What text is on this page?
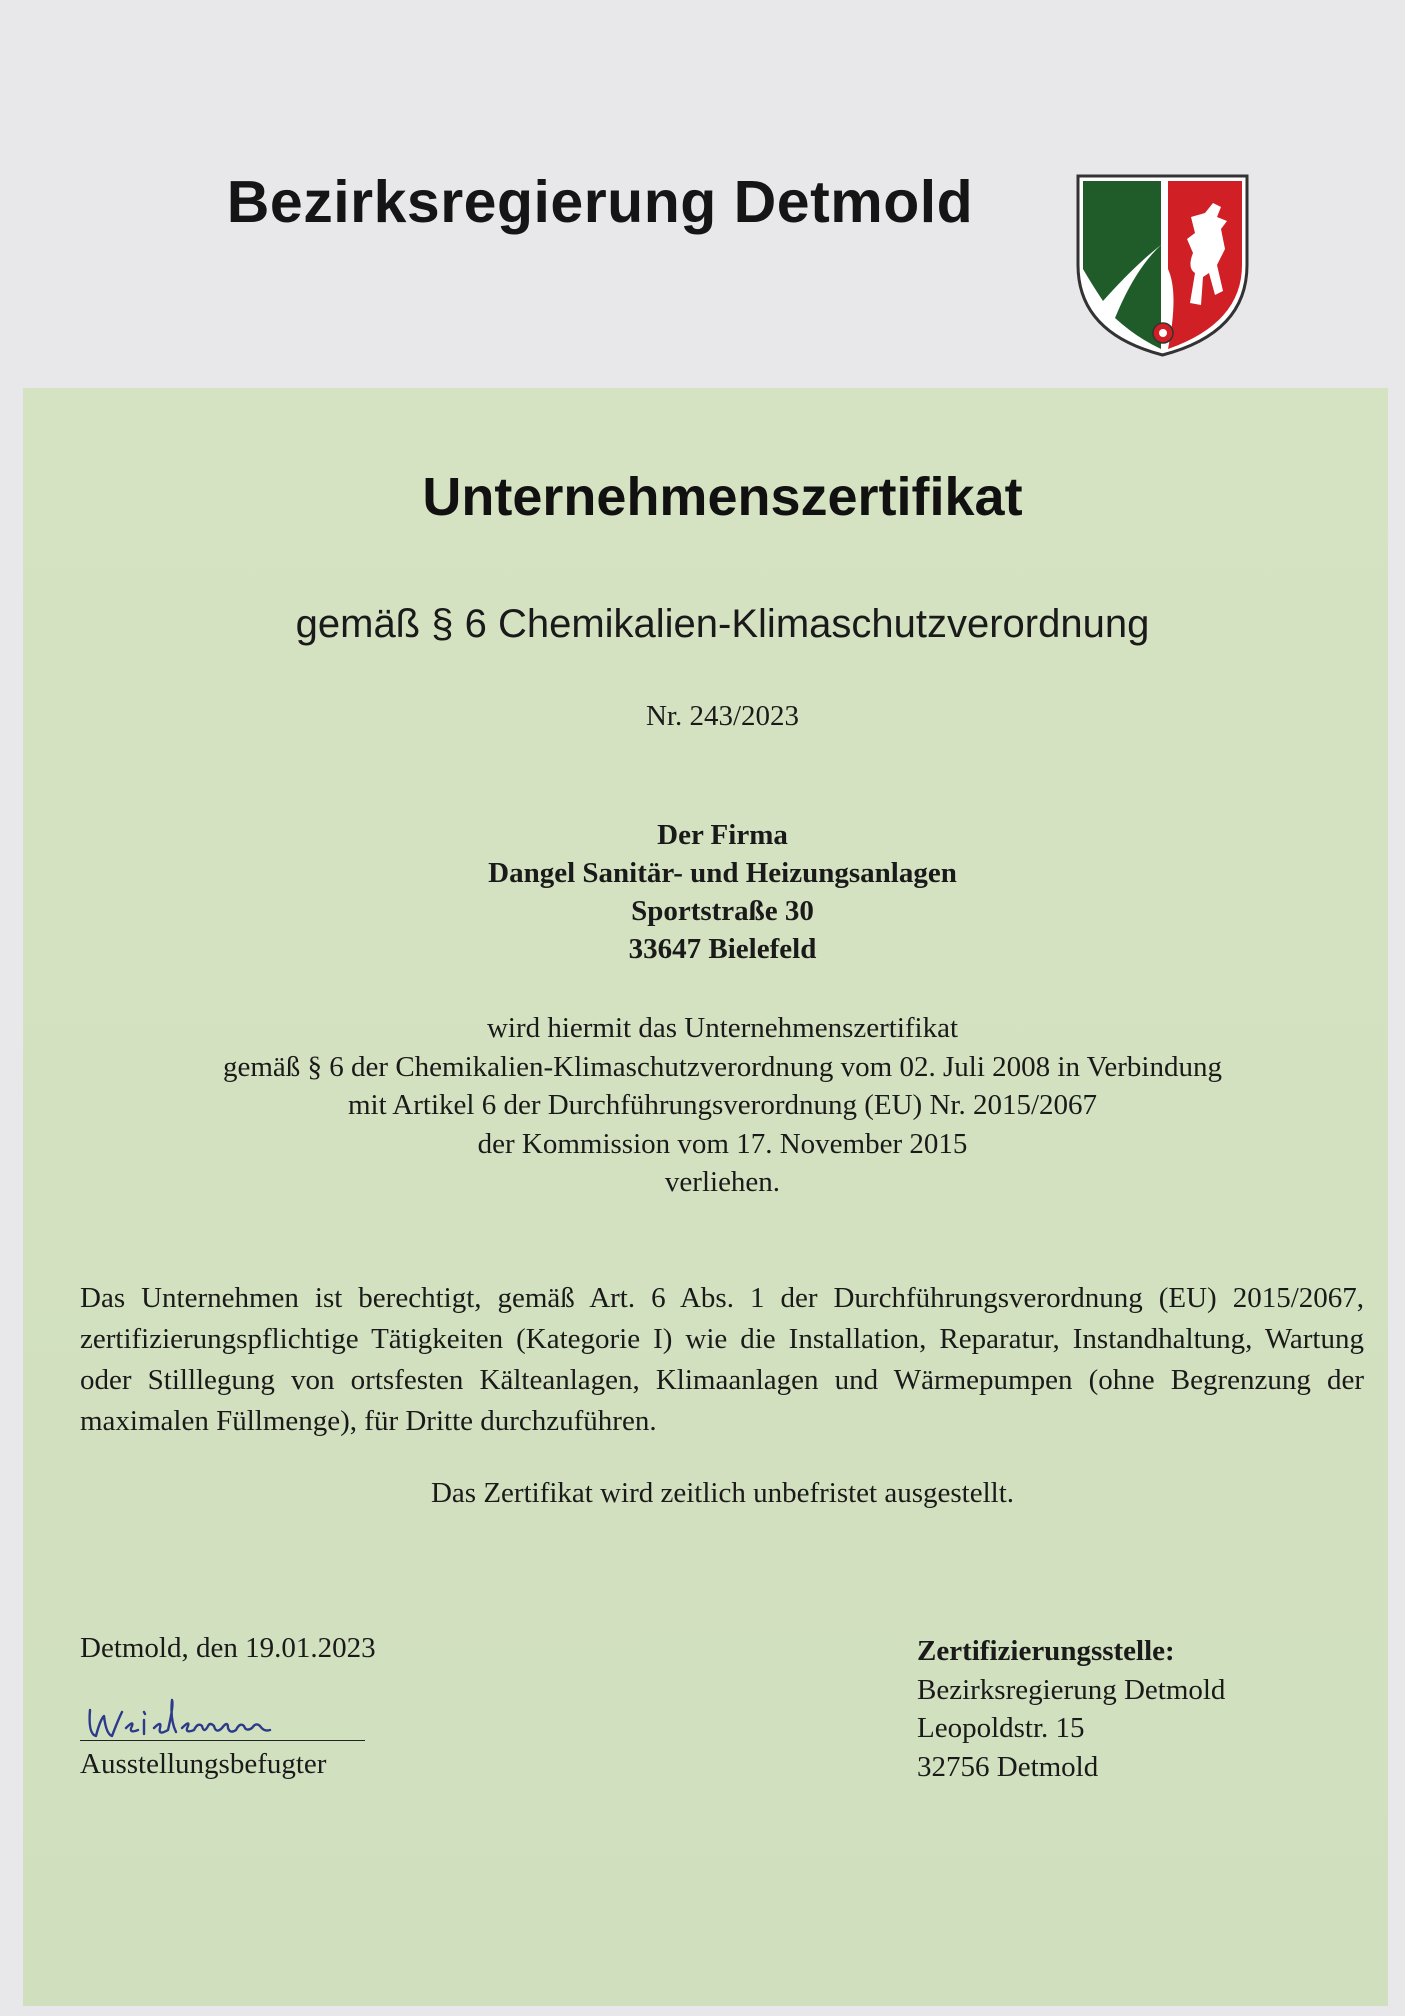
Bezirksregierung Detmold
Unternehmenszertifikat
gemäß § 6 Chemikalien-Klimaschutzverordnung
Nr. 243/2023
Der Firma
Dangel Sanitär- und Heizungsanlagen
Sportstraße 30
33647 Bielefeld
wird hiermit das Unternehmenszertifikat
gemäß § 6 der Chemikalien-Klimaschutzverordnung vom 02. Juli 2008 in Verbindung
mit Artikel 6 der Durchführungsverordnung (EU) Nr. 2015/2067
der Kommission vom 17. November 2015
verliehen.
Das Unternehmen ist berechtigt, gemäß Art. 6 Abs. 1 der Durchführungsverordnung (EU) 2015/2067, zertifizierungspflichtige Tätigkeiten (Kategorie I) wie die Installation, Reparatur, Instandhaltung, Wartung oder Stilllegung von ortsfesten Kälteanlagen, Klimaanlagen und Wärmepumpen (ohne Begrenzung der maximalen Füllmenge), für Dritte durchzuführen.
Das Zertifikat wird zeitlich unbefristet ausgestellt.
Detmold, den 19.01.2023
Ausstellungsbefugter
Zertifizierungsstelle:
Bezirksregierung Detmold
Leopoldstr. 15
32756 Detmold
